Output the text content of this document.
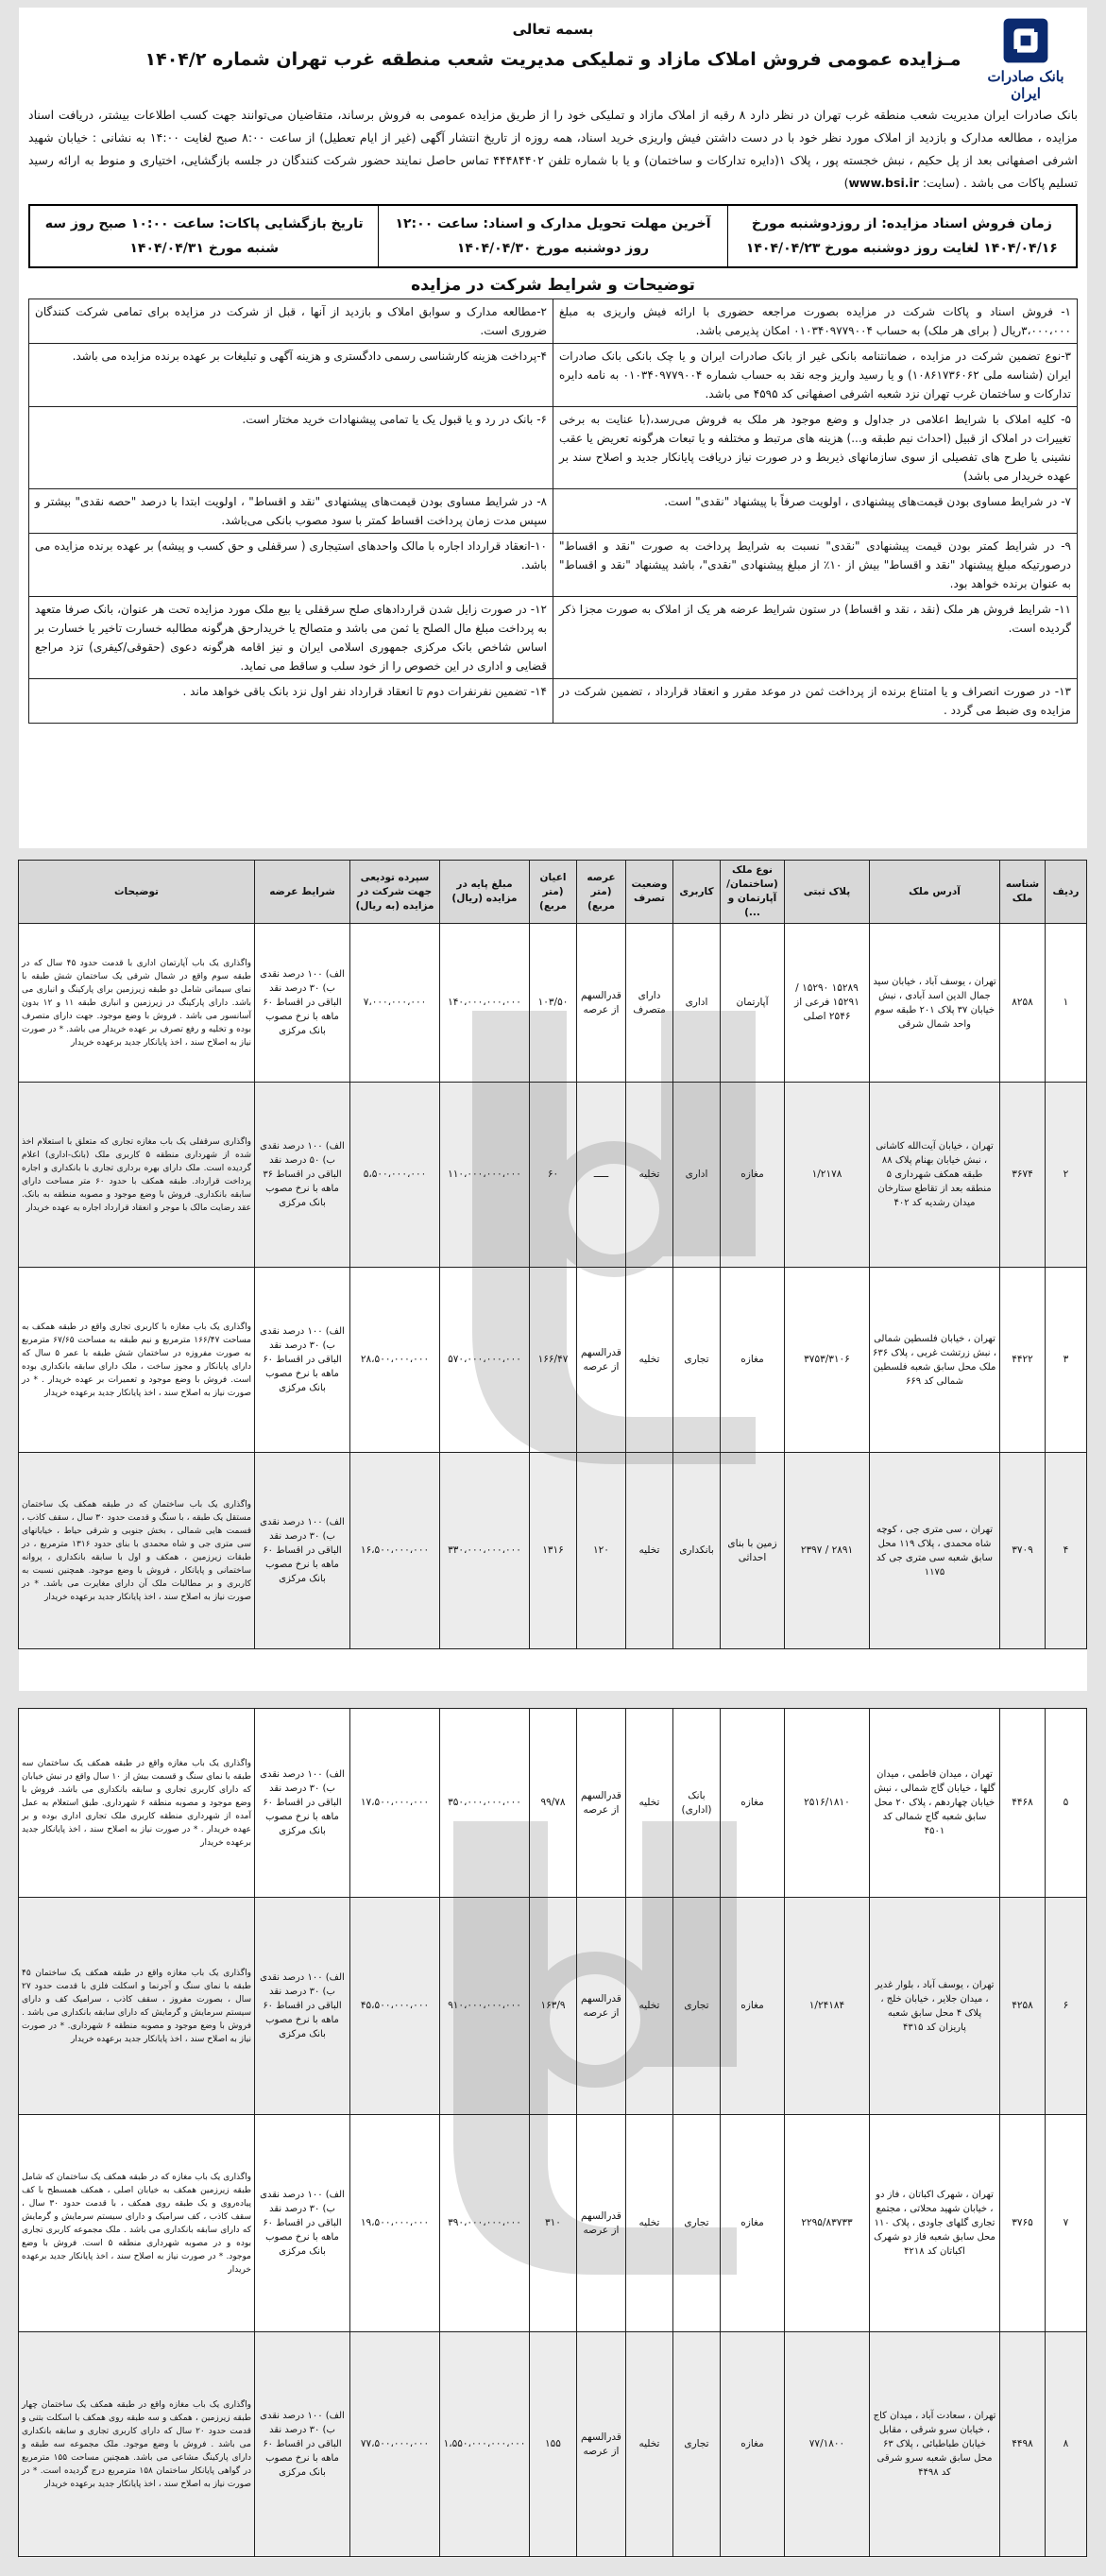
بانک صادرات ایران
بسمه تعالی
مـزایده عمومی فروش املاک مازاد و تملیکی مدیریت شعب منطقه غرب تهران شماره ۱۴۰۴/۲

بانک صادرات ایران مدیریت شعب منطقه غرب تهران در نظر دارد ۸ رقبه از املاک مازاد و تملیکی خود را از طریق مزایده عمومی به فروش برساند، متقاضیان می‌توانند جهت کسب اطلاعات بیشتر، دریافت اسناد مزایده ، مطالعه مدارک و بازدید از املاک مورد نظر خود با در دست داشتن فیش واریزی خرید اسناد، همه روزه از تاریخ انتشار آگهی (غیر از ایام تعطیل) از ساعت ۸:۰۰ صبح لغایت ۱۴:۰۰ به نشانی : خیابان شهید اشرفی اصفهانی بعد از پل حکیم ، نبش خجسته پور ، پلاک ۱(دایره تدارکات و ساختمان) و یا با شماره تلفن ۴۴۴۸۴۴۰۲ تماس حاصل نمایند حضور شرکت کنندگان در جلسه بازگشایی، اختیاری و منوط به ارائه رسید تسلیم پاکات می باشد . (سایت: www.bsi.ir)

زمان فروش اسناد مزایده: از روزدوشنبه مورخ ۱۴۰۴/۰۴/۱۶ لغایت روز دوشنبه مورخ ۱۴۰۴/۰۴/۲۳
آخرین مهلت تحویل مدارک و اسناد: ساعت ۱۲:۰۰ روز دوشنبه مورخ ۱۴۰۴/۰۴/۳۰
تاریخ بازگشایی پاکات: ساعت ۱۰:۰۰ صبح روز سه شنبه مورخ ۱۴۰۴/۰۴/۳۱
توضیحات و شرایط شرکت در مزایده
۱- فروش اسناد و پاکات شرکت در مزایده بصورت مراجعه حضوری با ارائه فیش واریزی به مبلغ ۳،۰۰۰،۰۰۰ریال ( برای هر ملک) به حساب ۰۱۰۳۴۰۹۷۷۹۰۰۴ امکان پذیرمی باشد.	۲-مطالعه مدارک و سوابق املاک و بازدید از آنها ، قبل از شرکت در مزایده برای تمامی شرکت کنندگان ضروری است.
۳-نوع تضمین شرکت در مزایده ، ضمانتنامه بانکی غیر از بانک صادرات ایران و یا چک بانکی بانک صادرات ایران (شناسه ملی ۱۰۸۶۱۷۳۶۰۶۲) و یا رسید واریز وجه نقد به حساب شماره ۰۱۰۳۴۰۹۷۷۹۰۰۴ به نامه دایره تدارکات و ساختمان غرب تهران نزد شعبه اشرفی اصفهانی کد ۴۵۹۵ می باشد.	۴-پرداخت هزینه کارشناسی رسمی دادگستری و هزینه آگهی و تبلیغات بر عهده برنده مزایده می باشد.
۵- کلیه املاک با شرایط اعلامی در جداول و وضع موجود هر ملک به فروش می‌رسد،(با عنایت به برخی تغییرات در املاک از قبیل (احداث نیم طبقه و...) هزینه های مرتبط و مختلفه و یا تبعات هرگونه تعریض یا عقب نشینی یا طرح های تفصیلی از سوی سازمانهای ذیربط و در صورت نیاز دریافت پایانکار جدید و اصلاح سند بر عهده خریدار می باشد)	۶- بانک در رد و یا قبول یک یا تمامی پیشنهادات خرید مختار است.
۷- در شرایط مساوی بودن قیمت‌های پیشنهادی ، اولویت صرفاً با پیشنهاد "نقدی" است.	۸- در شرایط مساوی بودن قیمت‌های پیشنهادی "نقد و اقساط" ، اولویت ابتدا با درصد "حصه نقدی" بیشتر و سپس مدت زمان پرداخت اقساط کمتر با سود مصوب بانکی می‌باشد.
۹- در شرایط کمتر بودن قیمت پیشنهادی "نقدی" نسبت به شرایط پرداخت به صورت "نقد و اقساط" درصورتیکه مبلغ پیشنهاد "نقد و اقساط" بیش از ۱۰٪ از مبلغ پیشنهادی "نقدی"، باشد پیشنهاد "نقد و اقساط" به عنوان برنده خواهد بود.	۱۰-انعقاد قرارداد اجاره با مالک واحدهای استیجاری ( سرقفلی و حق کسب و پیشه) بر عهده برنده مزایده می باشد.
۱۱- شرایط فروش هر ملک (نقد ، نقد و اقساط) در ستون شرایط عرضه هر یک از املاک به صورت مجزا ذکر گردیده است.	۱۲- در صورت زایل شدن قراردادهای صلح سرقفلی یا بیع ملک مورد مزایده تحت هر عنوان، بانک صرفا متعهد به پرداخت مبلغ مال الصلح یا ثمن می باشد و متصالح یا خریدارحق هرگونه مطالبه خسارت تاخیر یا خسارت بر اساس شاخص بانک مرکزی جمهوری اسلامی ایران و نیز اقامه هرگونه دعوی (حقوقی/کیفری) تزد مراجع قضایی و اداری در این خصوص را از خود سلب و ساقط می نماید.
۱۳- در صورت انصراف و یا امتناع برنده از پرداخت ثمن در موعد مقرر و انعقاد قرارداد ، تضمین شرکت در مزایده وی ضبط می گردد .	۱۴- تضمین نفرنفرات دوم تا انعقاد قرارداد نفر اول نزد بانک باقی خواهد ماند .
ردیف	شناسه ملک	آدرس ملک	پلاک ثبتی	نوع ملک (ساختمان/ آپارتمان و ...)	کاربری	وضعیت تصرف	عرصه (متر مربع)	اعیان (متر مربع)	مبلغ پایه در مزایده (ریال)	سپرده تودیعی جهت شرکت در مزایده (به ریال)	شرایط عرضه	توضیحات
۱	۸۲۵۸	تهران ، یوسف آباد ، خیابان سید جمال الدین اسد آبادی ، نبش خیابان ۳۷ پلاک ۲۰۱ طبقه سوم واحد شمال شرقی	۱۵۲۸۹ ۱۵۲۹۰ / ۱۵۲۹۱ فرعی از ۲۵۴۶ اصلی	آپارتمان	اداری	دارای متصرف	قدرالسهم از عرصه	۱۰۳/۵۰	۱۴۰،۰۰۰،۰۰۰،۰۰۰	۷،۰۰۰،۰۰۰،۰۰۰	الف) ۱۰۰ درصد نقدی ب) ۳۰ درصد نقد الباقی در اقساط ۶۰ ماهه با نرخ مصوب بانک مرکزی	واگذاری یک باب آپارتمان اداری با قدمت حدود ۴۵ سال که در طبقه سوم واقع در شمال شرقی یک ساختمان شش طبقه با نمای سیمانی شامل دو طبقه زیرزمین برای پارکینگ و انباری می باشد. دارای پارکینگ در زیرزمین و انباری طبقه ۱۱ و ۱۲ بدون آسانسور می باشد . فروش با وضع موجود. جهت دارای متصرف بوده و تخلیه و رفع تصرف بر عهده خریدار می باشد. * در صورت نیاز به اصلاح سند ، اخذ پایانکار جدید برعهده خریدار
۲	۳۶۷۴	تهران ، خیابان آیت‌الله کاشانی ، نبش خیابان بهنام پلاک ۸۸ طبقه همکف شهرداری ۵ منطقه بعد از تقاطع ستارخان میدان رشدیه کد ۴۰۲	۱/۲۱۷۸	مغازه	اداری	تخلیه	ـــــ	۶۰	۱۱۰،۰۰۰،۰۰۰،۰۰۰	۵،۵۰۰،۰۰۰،۰۰۰	الف) ۱۰۰ درصد نقدی ب) ۵۰ درصد نقد الباقی در اقساط ۳۶ ماهه با نرخ مصوب بانک مرکزی	واگذاری سرقفلی یک باب مغازه تجاری که متعلق با استعلام اخذ شده از شهرداری منطقه ۵ کاربری ملک (بانک-اداری) اعلام گردیده است. ملک دارای بهره برداری تجاری با بانکداری و اجاره پرداخت قرارداد. طبقه همکف با حدود ۶۰ متر مساحت دارای سابقه بانکداری. فروش با وضع موجود و مصوبه منطقه به بانک. عقد رضایت مالک با موجر و انعقاد قرارداد اجاره به عهده خریدار
۳	۴۴۲۲	تهران ، خیابان فلسطین شمالی ، نبش زرتشت غربی ، پلاک ۶۳۶ ملک محل سابق شعبه فلسطین شمالی کد ۶۶۹	۳۷۵۳/۳۱۰۶	مغازه	تجاری	تخلیه	قدرالسهم از عرصه	۱۶۶/۴۷	۵۷۰،۰۰۰،۰۰۰،۰۰۰	۲۸،۵۰۰،۰۰۰،۰۰۰	الف) ۱۰۰ درصد نقدی ب) ۳۰ درصد نقد الباقی در اقساط ۶۰ ماهه با نرخ مصوب بانک مرکزی	واگذاری یک باب مغازه با کاربری تجاری واقع در طبقه همکف به مساحت ۱۶۶/۴۷ مترمربع و نیم طبقه به مساحت ۶۷/۶۵ مترمربع به صورت مفروزه در ساختمان شش طبقه با عمر ۵ سال که دارای پایانکار و مجوز ساخت ، ملک دارای سابقه بانکداری بوده است. فروش با وضع موجود و تعمیرات بر عهده خریدار . * در صورت نیاز به اصلاح سند ، اخذ پایانکار جدید برعهده خریدار
۴	۳۷۰۹	تهران ، سی متری جی ، کوچه شاه محمدی ، پلاک ۱۱۹ محل سابق شعبه سی متری جی کد ۱۱۷۵	۲۸۹۱ / ۲۳۹۷	زمین با بنای احداثی	بانکداری	تخلیه	۱۲۰	۱۳۱۶	۳۳۰،۰۰۰،۰۰۰،۰۰۰	۱۶،۵۰۰،۰۰۰،۰۰۰	الف) ۱۰۰ درصد نقدی ب) ۳۰ درصد نقد الباقی در اقساط ۶۰ ماهه با نرخ مصوب بانک مرکزی	واگذاری یک باب ساختمان که در طبقه همکف یک ساختمان مستقل یک طبقه ، با سنگ و قدمت حدود ۳۰ سال ، سقف کاذب ، قسمت هایی شمالی ، بخش جنوبی و شرقی حیاط ، خیابانهای سی متری جی و شاه محمدی با بنای حدود ۱۳۱۶ مترمربع ، در طبقات زیرزمین ، همکف و اول با سابقه بانکداری ، پروانه ساختمانی و پایانکار ، فروش با وضع موجود. همچنین نسبت به کاربری و بر مطالبات ملک آن دارای مغایرت می باشد. * در صورت نیاز به اصلاح سند ، اخذ پایانکار جدید برعهده خریدار
۵	۴۴۶۸	تهران ، میدان فاطمی ، میدان گلها ، خیابان گاج شمالی ، نبش خیابان چهاردهم ، پلاک ۲۰ محل سابق شعبه گاج شمالی کد ۴۵۰۱	۲۵۱۶/۱۸۱۰	مغازه	بانک (اداری)	تخلیه	قدرالسهم از عرصه	۹۹/۷۸	۳۵۰،۰۰۰،۰۰۰،۰۰۰	۱۷،۵۰۰،۰۰۰،۰۰۰	الف) ۱۰۰ درصد نقدی ب) ۳۰ درصد نقد الباقی در اقساط ۶۰ ماهه با نرخ مصوب بانک مرکزی	واگذاری یک باب مغازه واقع در طبقه همکف یک ساختمان سه طبقه با نمای سنگ و قسمت بیش از ۱۰ سال واقع در نبش خیابان که دارای کاربری تجاری و سابقه بانکداری می باشد. فروش با وضع موجود و مصوبه منطقه ۶ شهرداری. طبق استعلام به عمل آمده از شهرداری منطقه کاربری ملک تجاری اداری بوده و بر عهده خریدار . * در صورت نیاز به اصلاح سند ، اخذ پایانکار جدید برعهده خریدار
۶	۴۲۵۸	تهران ، یوسف آباد ، بلوار غدیر ، میدان جلایر ، خیابان خلج ، پلاک ۴ محل سابق شعبه پاریزان کد ۴۳۱۵	۱/۲۴۱۸۴	مغازه	تجاری	تخلیه	قدرالسهم از عرصه	۱۶۳/۹	۹۱۰،۰۰۰،۰۰۰،۰۰۰	۴۵،۵۰۰،۰۰۰،۰۰۰	الف) ۱۰۰ درصد نقدی ب) ۳۰ درصد نقد الباقی در اقساط ۶۰ ماهه با نرخ مصوب بانک مرکزی	واگذاری یک باب مغازه واقع در طبقه همکف یک ساختمان ۴۵ طبقه با نمای سنگ و آجرنما و اسکلت فلزی با قدمت حدود ۲۷ سال ، بصورت مفروز ، سقف کاذب ، سرامیک کف و دارای سیستم سرمایش و گرمایش که دارای سابقه بانکداری می باشد . فروش با وضع موجود و مصوبه منطقه ۶ شهرداری. * در صورت نیاز به اصلاح سند ، اخذ پایانکار جدید برعهده خریدار
۷	۳۷۶۵	تهران ، شهرک اکباتان ، فاز دو ، خیابان شهید محلاتی ، مجتمع تجاری گلهای جاودی ، پلاک ۱۱۰ محل سابق شعبه فاز دو شهرک اکباتان کد ۴۲۱۸	۲۲۹۵/۸۳۷۳۳	مغازه	تجاری	تخلیه	قدرالسهم از عرصه	۳۱۰	۳۹۰،۰۰۰،۰۰۰،۰۰۰	۱۹،۵۰۰،۰۰۰،۰۰۰	الف) ۱۰۰ درصد نقدی ب) ۳۰ درصد نقد الباقی در اقساط ۶۰ ماهه با نرخ مصوب بانک مرکزی	واگذاری یک باب مغازه که در طبقه همکف یک ساختمان که شامل طبقه زیرزمین همکف به خیابان اصلی ، همکف همسطح با کف پیاده‌روی و یک طبقه روی همکف ، با قدمت حدود ۳۰ سال ، سقف کاذب ، کف سرامیک و دارای سیستم سرمایش و گرمایش که دارای سابقه بانکداری می باشد . ملک مجموعه کاربری تجاری بوده و در مصوبه شهرداری منطقه ۵ است. فروش با وضع موجود. * در صورت نیاز به اصلاح سند ، اخذ پایانکار جدید برعهده خریدار
۸	۴۴۹۸	تهران ، سعادت آباد ، میدان کاج ، خیابان سرو شرقی ، مقابل خیابان طباطبائی ، پلاک ۶۳ محل سابق شعبه سرو شرقی کد ۴۴۹۸	۷۷/۱۸۰۰	مغازه	تجاری	تخلیه	قدرالسهم از عرصه	۱۵۵	۱،۵۵۰،۰۰۰،۰۰۰،۰۰۰	۷۷،۵۰۰،۰۰۰،۰۰۰	الف) ۱۰۰ درصد نقدی ب) ۳۰ درصد نقد الباقی در اقساط ۶۰ ماهه با نرخ مصوب بانک مرکزی	واگذاری یک باب مغازه واقع در طبقه همکف یک ساختمان چهار طبقه زیرزمین ، همکف و سه طبقه روی همکف با اسکلت بتنی و قدمت حدود ۲۰ سال که دارای کاربری تجاری و سابقه بانکداری می باشد . فروش با وضع موجود. ملک مجموعه سه طبقه و دارای پارکینگ مشاعی می باشد. همچنین مساحت ۱۵۵ مترمربع در گواهی پایانکار ساختمان ۱۵۸ مترمربع درج گردیده است. * در صورت نیاز به اصلاح سند ، اخذ پایانکار جدید برعهده خریدار
